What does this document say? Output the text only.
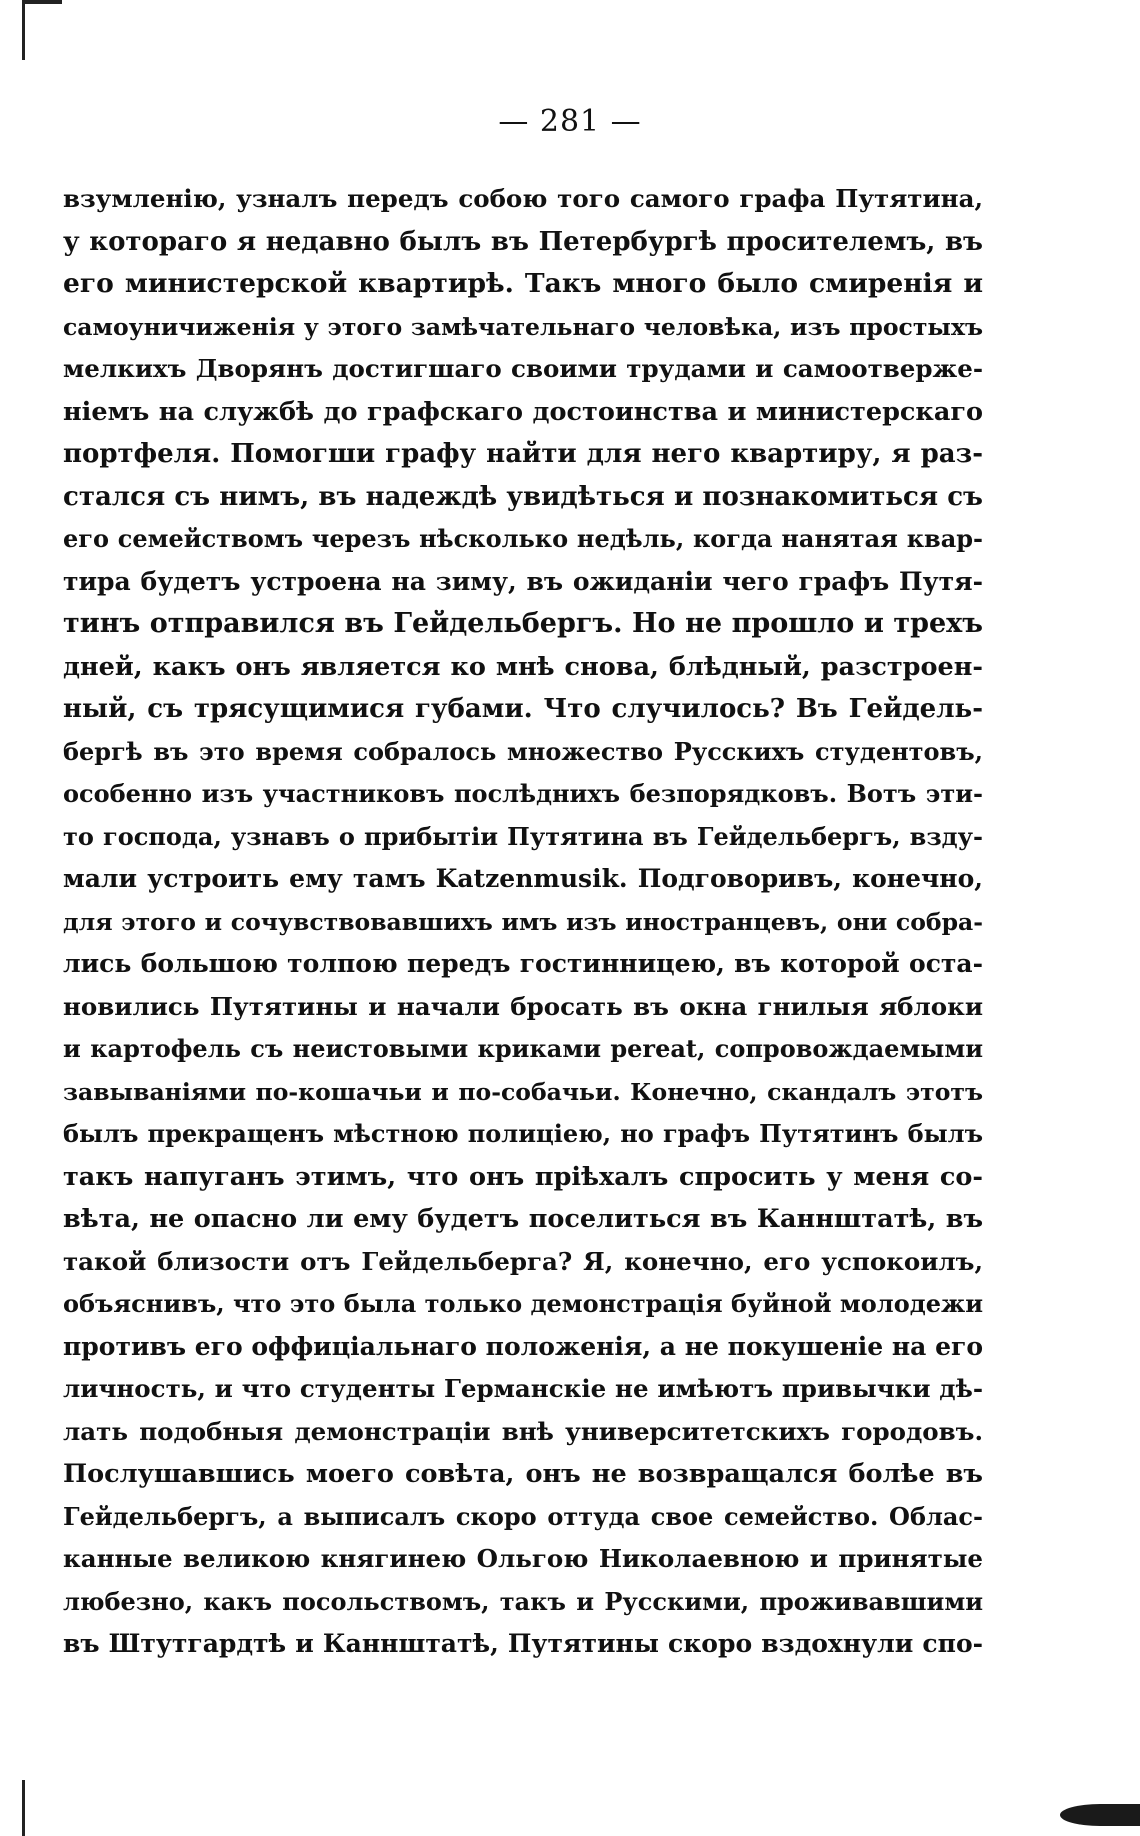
— 281 —
взумленію, узналъ передъ собою того самого графа Путятина,
у котораго я недавно былъ въ Петербургѣ просителемъ, въ
его министерской квартирѣ. Такъ много было смиренія и
самоуничиженія у этого замѣчательнаго человѣка, изъ простыхъ
мелкихъ Дворянъ достигшаго своими трудами и самоотверже-
ніемъ на службѣ до графскаго достоинства и министерскаго
портфеля. Помогши графу найти для него квартиру, я раз-
стался съ нимъ, въ надеждѣ увидѣться и познакомиться съ
его семействомъ черезъ нѣсколько недѣль, когда нанятая квар-
тира будетъ устроена на зиму, въ ожиданіи чего графъ Путя-
тинъ отправился въ Гейдельбергъ. Но не прошло и трехъ
дней, какъ онъ является ко мнѣ снова, блѣдный, разстроен-
ный, съ трясущимися губами. Что случилось? Въ Гейдель-
бергѣ въ это время собралось множество Русскихъ студентовъ,
особенно изъ участниковъ послѣднихъ безпорядковъ. Вотъ эти-
то господа, узнавъ о прибытіи Путятина въ Гейдельбергъ, взду-
мали устроить ему тамъ Katzenmusik. Подговоривъ, конечно,
для этого и сочувствовавшихъ имъ изъ иностранцевъ, они собра-
лись большою толпою передъ гостинницею, въ которой оста-
новились Путятины и начали бросать въ окна гнилыя яблоки
и картофель съ неистовыми криками pereat, сопровождаемыми
завываніями по-кошачьи и по-собачьи. Конечно, скандалъ этотъ
былъ прекращенъ мѣстною полиціею, но графъ Путятинъ былъ
такъ напуганъ этимъ, что онъ пріѣхалъ спросить у меня со-
вѣта, не опасно ли ему будетъ поселиться въ Каннштатѣ, въ
такой близости отъ Гейдельберга? Я, конечно, его успокоилъ,
объяснивъ, что это была только демонстрація буйной молодежи
противъ его оффиціальнаго положенія, а не покушеніе на его
личность, и что студенты Германскіе не имѣютъ привычки дѣ-
лать подобныя демонстраціи внѣ университетскихъ городовъ.
Послушавшись моего совѣта, онъ не возвращался болѣе въ
Гейдельбергъ, а выписалъ скоро оттуда свое семейство. Облас-
канные великою княгинею Ольгою Николаевною и принятые
любезно, какъ посольствомъ, такъ и Русскими, проживавшими
въ Штутгардтѣ и Каннштатѣ, Путятины скоро вздохнули спо-
